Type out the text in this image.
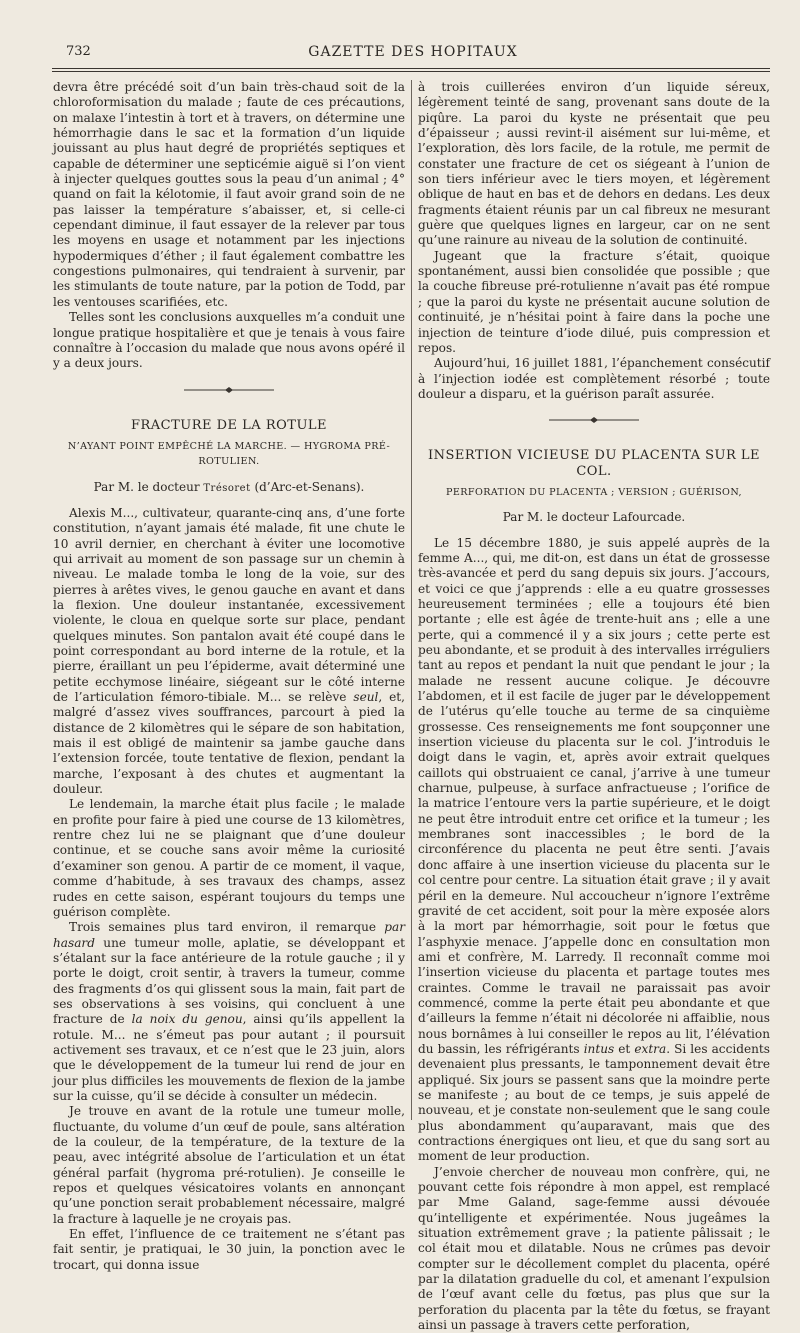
732	GAZETTE DES HOPITAUX

devra être précédé soit d’un bain très-chaud soit de la chloroformisation du malade ; faute de ces précautions, on malaxe l’intestin à tort et à travers, on détermine une hémorrhagie dans le sac et la formation d’un liquide jouissant au plus haut degré de propriétés septiques et capable de déterminer une septicémie aiguë si l’on vient à injecter quelques gouttes sous la peau d’un animal ; 4° quand on fait la kélotomie, il faut avoir grand soin de ne pas laisser la température s’abaisser, et, si celle-ci cependant diminue, il faut essayer de la relever par tous les moyens en usage et notamment par les injections hypodermiques d’éther ; il faut également combattre les congestions pulmonaires, qui tendraient à survenir, par les stimulants de toute nature, par la potion de Todd, par les ventouses scarifiées, etc.

Telles sont les conclusions auxquelles m’a conduit une longue pratique hospitalière et que je tenais à vous faire connaître à l’occasion du malade que nous avons opéré il y a deux jours.

FRACTURE DE LA ROTULE
N’AYANT POINT EMPÊCHÉ LA MARCHE. — HYGROMA PRÉ-ROTULIEN.
Par M. le docteur Trésoret (d’Arc-et-Senans).

Alexis M..., cultivateur, quarante-cinq ans, d’une forte constitution, n’ayant jamais été malade, fit une chute le 10 avril dernier, en cherchant à éviter une locomotive qui arrivait au moment de son passage sur un chemin à niveau. Le malade tomba le long de la voie, sur des pierres à arêtes vives, le genou gauche en avant et dans la flexion. Une douleur instantanée, excessivement violente, le cloua en quelque sorte sur place, pendant quelques minutes. Son pantalon avait été coupé dans le point correspondant au bord interne de la rotule, et la pierre, éraillant un peu l’épiderme, avait déterminé une petite ecchymose linéaire, siégeant sur le côté interne de l’articulation fémoro-tibiale. M... se relève seul, et, malgré d’assez vives souffrances, parcourt à pied la distance de 2 kilomètres qui le sépare de son habitation, mais il est obligé de maintenir sa jambe gauche dans l’extension forcée, toute tentative de flexion, pendant la marche, l’exposant à des chutes et augmentant la douleur.

Le lendemain, la marche était plus facile ; le malade en profite pour faire à pied une course de 13 kilomètres, rentre chez lui ne se plaignant que d’une douleur continue, et se couche sans avoir même la curiosité d’examiner son genou. A partir de ce moment, il vaque, comme d’habitude, à ses travaux des champs, assez rudes en cette saison, espérant toujours du temps une guérison complète.

Trois semaines plus tard environ, il remarque par hasard une tumeur molle, aplatie, se développant et s’étalant sur la face antérieure de la rotule gauche ; il y porte le doigt, croit sentir, à travers la tumeur, comme des fragments d’os qui glissent sous la main, fait part de ses observations à ses voisins, qui concluent à une fracture de la noix du genou, ainsi qu’ils appellent la rotule. M... ne s’émeut pas pour autant ; il poursuit activement ses travaux, et ce n’est que le 23 juin, alors que le développement de la tumeur lui rend de jour en jour plus difficiles les mouvements de flexion de la jambe sur la cuisse, qu’il se décide à consulter un médecin.

Je trouve en avant de la rotule une tumeur molle, fluctuante, du volume d’un œuf de poule, sans altération de la couleur, de la température, de la texture de la peau, avec intégrité absolue de l’articulation et un état général parfait (hygroma pré-rotulien). Je conseille le repos et quelques vésicatoires volants en annonçant qu’une ponction serait probablement nécessaire, malgré la fracture à laquelle je ne croyais pas.

En effet, l’influence de ce traitement ne s’étant pas fait sentir, je pratiquai, le 30 juin, la ponction avec le trocart, qui donna issue

à trois cuillerées environ d’un liquide séreux, légèrement teinté de sang, provenant sans doute de la piqûre. La paroi du kyste ne présentait que peu d’épaisseur ; aussi revint-il aisément sur lui-même, et l’exploration, dès lors facile, de la rotule, me permit de constater une fracture de cet os siégeant à l’union de son tiers inférieur avec le tiers moyen, et légèrement oblique de haut en bas et de dehors en dedans. Les deux fragments étaient réunis par un cal fibreux ne mesurant guère que quelques lignes en largeur, car on ne sent qu’une rainure au niveau de la solution de continuité.

Jugeant que la fracture s’était, quoique spontanément, aussi bien consolidée que possible ; que la couche fibreuse pré-rotulienne n’avait pas été rompue ; que la paroi du kyste ne présentait aucune solution de continuité, je n’hésitai point à faire dans la poche une injection de teinture d’iode dilué, puis compression et repos.

Aujourd’hui, 16 juillet 1881, l’épanchement consécutif à l’injection iodée est complètement résorbé ; toute douleur a disparu, et la guérison paraît assurée.

INSERTION VICIEUSE DU PLACENTA SUR LE COL.
PERFORATION DU PLACENTA ; VERSION ; GUÉRISON,
Par M. le docteur Lafourcade.

Le 15 décembre 1880, je suis appelé auprès de la femme A..., qui, me dit-on, est dans un état de grossesse très-avancée et perd du sang depuis six jours. J’accours, et voici ce que j’apprends : elle a eu quatre grossesses heureusement terminées ; elle a toujours été bien portante ; elle est âgée de trente-huit ans ; elle a une perte, qui a commencé il y a six jours ; cette perte est peu abondante, et se produit à des intervalles irréguliers tant au repos et pendant la nuit que pendant le jour ; la malade ne ressent aucune colique. Je découvre l’abdomen, et il est facile de juger par le développement de l’utérus qu’elle touche au terme de sa cinquième grossesse. Ces renseignements me font soupçonner une insertion vicieuse du placenta sur le col. J’introduis le doigt dans le vagin, et, après avoir extrait quelques caillots qui obstruaient ce canal, j’arrive à une tumeur charnue, pulpeuse, à surface anfractueuse ; l’orifice de la matrice l’entoure vers la partie supérieure, et le doigt ne peut être introduit entre cet orifice et la tumeur ; les membranes sont inaccessibles ; le bord de la circonférence du placenta ne peut être senti. J’avais donc affaire à une insertion vicieuse du placenta sur le col centre pour centre. La situation était grave ; il y avait péril en la demeure. Nul accoucheur n’ignore l’extrême gravité de cet accident, soit pour la mère exposée alors à la mort par hémorrhagie, soit pour le fœtus que l’asphyxie menace. J’appelle donc en consultation mon ami et confrère, M. Larredy. Il reconnaît comme moi l’insertion vicieuse du placenta et partage toutes mes craintes. Comme le travail ne paraissait pas avoir commencé, comme la perte était peu abondante et que d’ailleurs la femme n’était ni décolorée ni affaiblie, nous nous bornâmes à lui conseiller le repos au lit, l’élévation du bassin, les réfrigérants intus et extra. Si les accidents devenaient plus pressants, le tamponnement devait être appliqué. Six jours se passent sans que la moindre perte se manifeste ; au bout de ce temps, je suis appelé de nouveau, et je constate non-seulement que le sang coule plus abondamment qu’auparavant, mais que des contractions énergiques ont lieu, et que du sang sort au moment de leur production.

J’envoie chercher de nouveau mon confrère, qui, ne pouvant cette fois répondre à mon appel, est remplacé par Mme Galand, sage-femme aussi dévouée qu’intelligente et expérimentée. Nous jugeâmes la situation extrêmement grave ; la patiente pâlissait ; le col était mou et dilatable. Nous ne crûmes pas devoir compter sur le décollement complet du placenta, opéré par la dilatation graduelle du col, et amenant l’expulsion de l’œuf avant celle du fœtus, pas plus que sur la perforation du placenta par la tête du fœtus, se frayant ainsi un passage à travers cette perforation,
